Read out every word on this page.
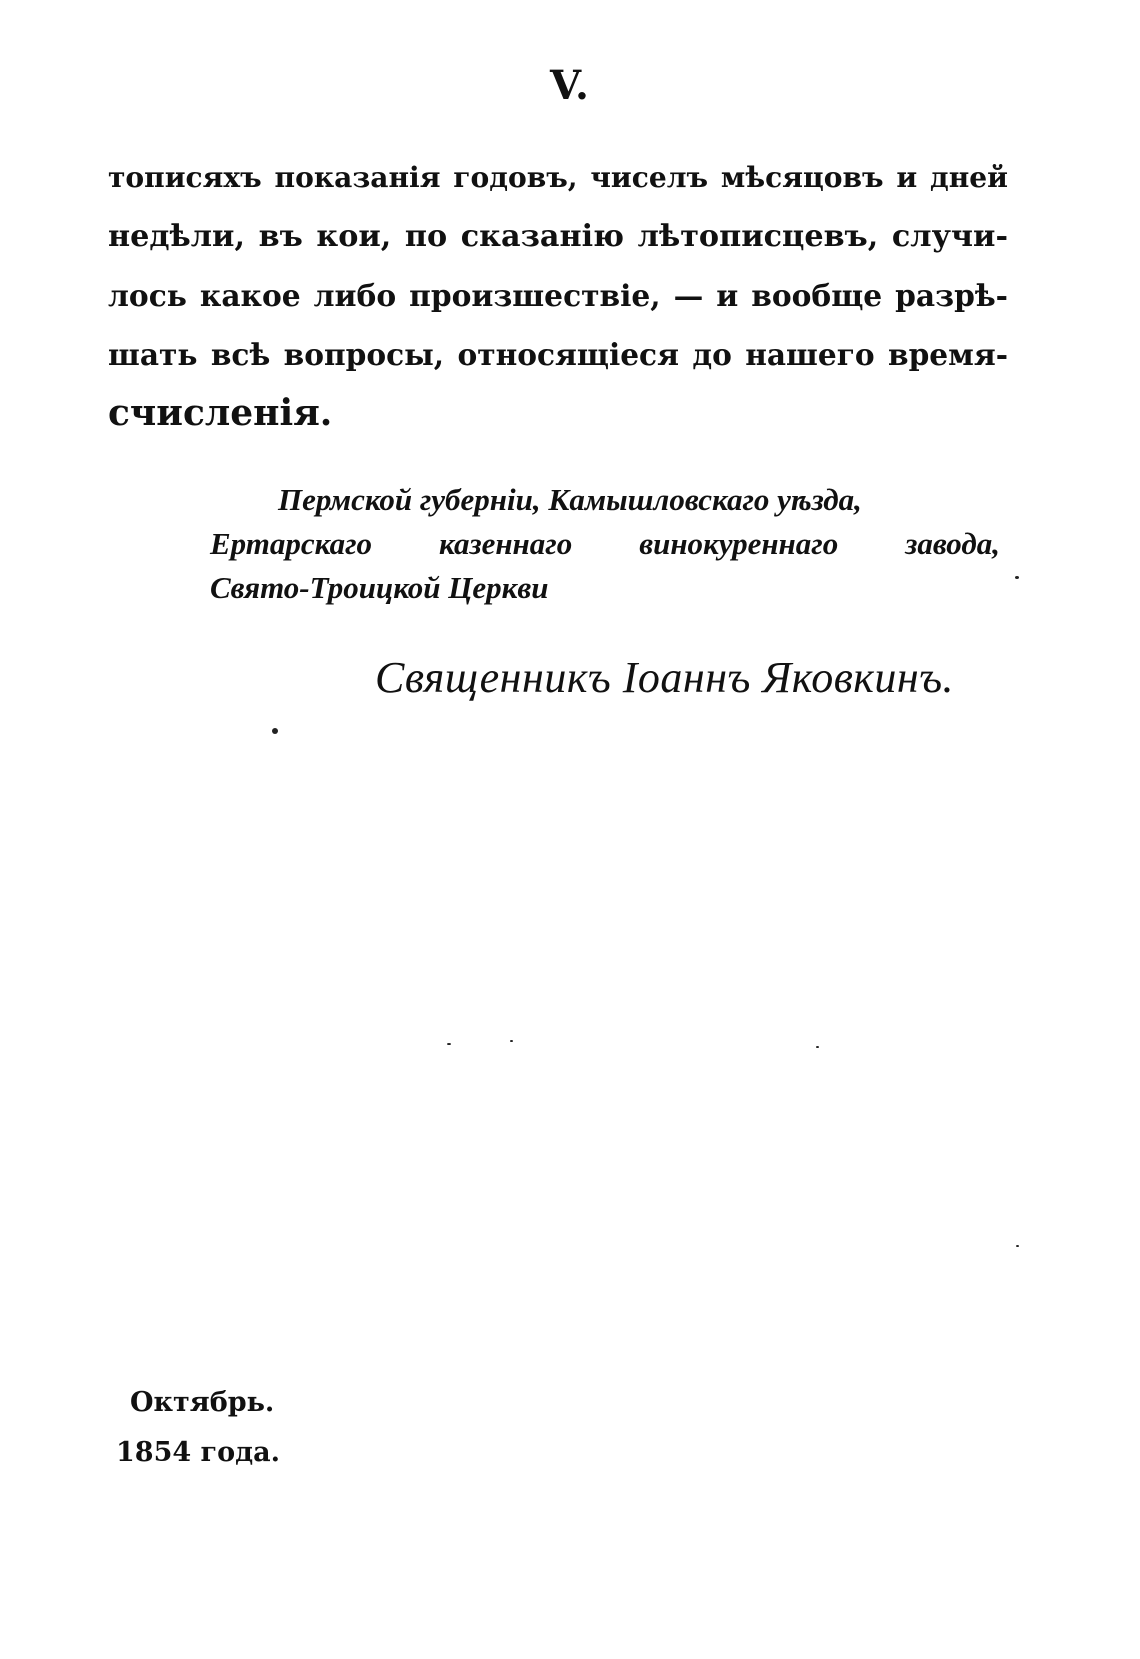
V.
тописяхъ показанія годовъ, чиселъ мѣсяцовъ и дней
недѣли, въ кои, по сказанію лѣтописцевъ, случи-
лось какое либо произшествіе, — и вообще разрѣ-
шать всѣ вопросы, относящіеся до нашего время-
счисленія.
Пермской губерніи, Камышловскаго уѣзда,
Ертарскаго казеннаго винокуреннаго завода,
Свято-Троицкой Церкви
Священникъ Іоаннъ Яковкинъ.
Октябрь.
1854 года.
